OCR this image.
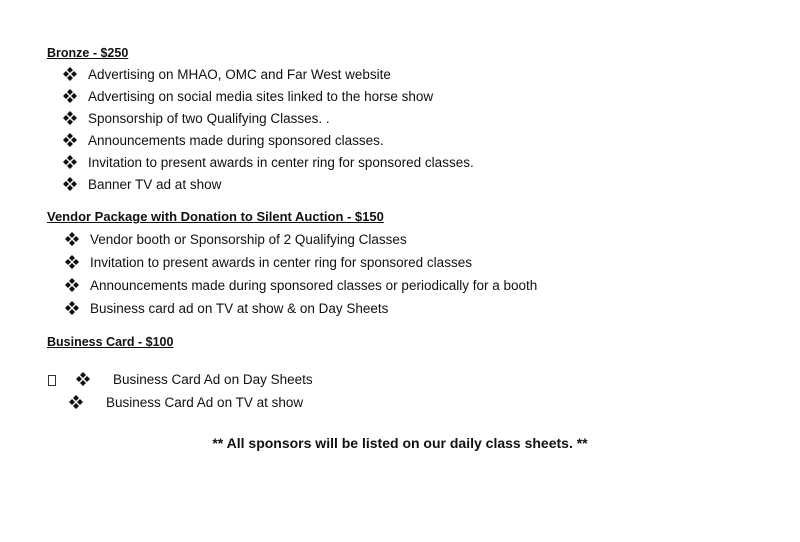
Bronze - $250
Advertising on MHAO, OMC and Far West website
Advertising on social media sites linked to the horse show
Sponsorship of two Qualifying Classes. .
Announcements made during sponsored classes.
Invitation to present awards in center ring for sponsored classes.
Banner TV ad at show
Vendor Package with Donation to Silent Auction - $150
Vendor booth or Sponsorship of 2 Qualifying Classes
Invitation to present awards in center ring for sponsored classes
Announcements made during sponsored classes or periodically for a booth
Business card ad on TV at show & on Day Sheets
Business Card - $100
Business Card Ad on Day Sheets
Business Card Ad on TV at show
** All sponsors will be listed on our daily class sheets. **
